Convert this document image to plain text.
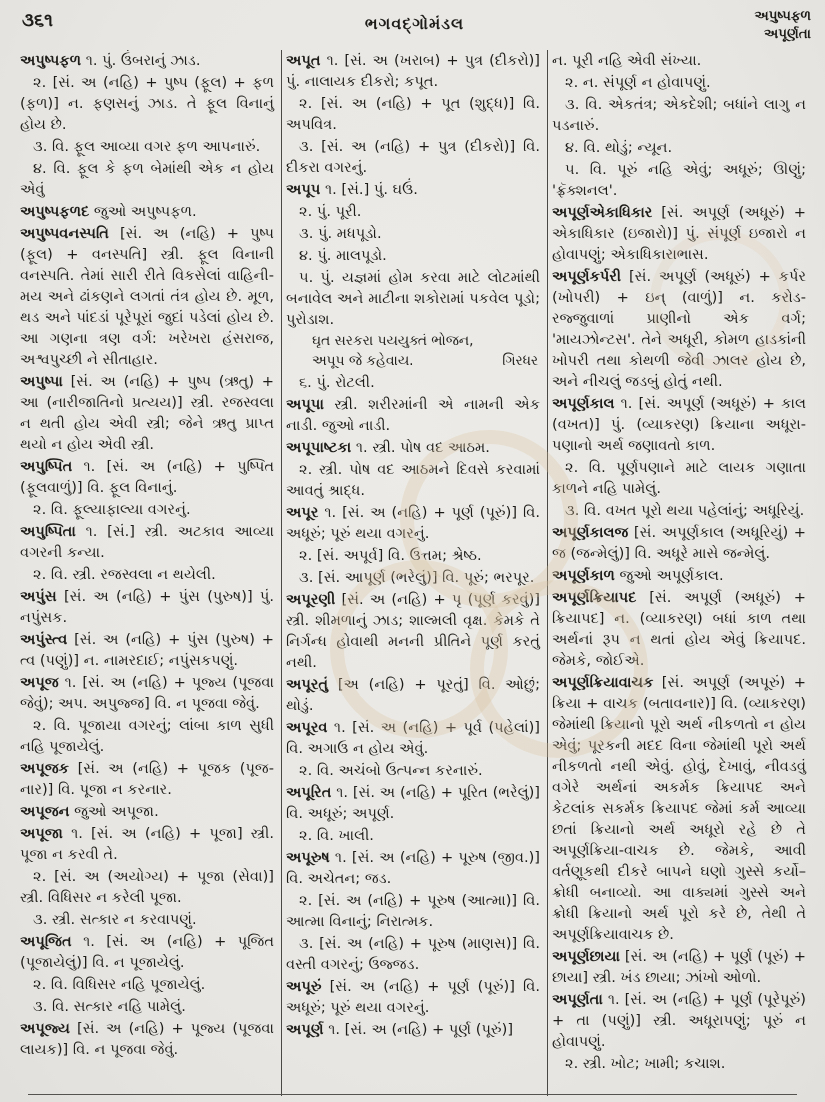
૩૬૧	ભગવદ્ગોમંડલ	અપુષ્પફળ
અપૂર્ણતા

અપુષ્પફળ ૧. પું. ઉંબરાનું ઝાડ.

૨. [સં. અ (નહિ) + પુષ્પ (ફૂલ) + ફળ (ફળ)] ન. ફણસનું ઝાડ. તે ફૂલ વિનાનું હોય છે.

૩. વિ. ફૂલ આવ્યા વગર ફળ આપનારું.

૪. વિ. ફૂલ કે ફળ બેમાંથી એક ન હોય એવું

અપુષ્પફળદ જુઓ અપુષ્પફળ.

અપુષ્પવનસ્પતિ [સં. અ (નહિ) + પુષ્પ (ફૂલ) + વનસ્પતિ] સ્ત્રી. ફૂલ વિનાની વનસ્પતિ. તેમાં સારી રીતે વિકસેલાં વાહિની-મય અને ઢાંકણને લગતાં તંત્ર હોય છે. મૂળ, થડ અને પાંદડાં પૂરેપૂરાં જુદાં પડેલાં હોય છે. આ ગણના ત્રણ વર્ગ: ખરેખરા હંસરાજ, અશ્વપુચ્છી ને સીતાહાર.

અપુષ્પા [સં. અ (નહિ) + પુષ્પ (ઋતુ) + આ (નારીજાતિનો પ્રત્યય)] સ્ત્રી. રજસ્વલા ન થતી હોય એવી સ્ત્રી; જેને ઋતુ પ્રાપ્ત થયો ન હોય એવી સ્ત્રી.

અપુષ્પિત ૧. [સં. અ (નહિ) + પુષ્પિત (ફૂલવાળું)] વિ. ફૂલ વિનાનું.

૨. વિ. ફૂલ્યાફાલ્યા વગરનું.

અપુષ્પિતા ૧. [સં.] સ્ત્રી. અટકાવ આવ્યા વગરની કન્યા.

૨. વિ. સ્ત્રી. રજસ્વલા ન થયેલી.

અપુંસ [સં. અ (નહિ) + પુંસ (પુરુષ)] પું. નપુંસક.

અપુંસ્ત્વ [સં. અ (નહિ) + પુંસ (પુરુષ) + ત્વ (પણું)] ન. નામરદાઈ; નપુંસકપણું.

અપૂજ ૧. [સં. અ (નહિ) + પૂજ્ય (પૂજવા જેવું); અપ. અપુજ્જ] વિ. ન પૂજવા જેવું.

૨. વિ. પૂજાયા વગરનું; લાંબા કાળ સુધી નહિ પૂજાયેલું.

અપૂજક [સં. અ (નહિ) + પૂજક (પૂજ-નાર)] વિ. પૂજા ન કરનાર.

અપૂજન જુઓ અપૂજા.

અપૂજા ૧. [સં. અ (નહિ) + પૂજા] સ્ત્રી. પૂજા ન કરવી તે.

૨. [સં. અ (અયોગ્ય) + પૂજા (સેવા)] સ્ત્રી. વિધિસર ન કરેલી પૂજા.

૩. સ્ત્રી. સત્કાર ન કરવાપણું.

અપૂજિત ૧. [સં. અ (નહિ) + પૂજિત (પૂજાયેલું)] વિ. ન પૂજાયેલું.

૨. વિ. વિધિસર નહિ પૂજાયેલું.

૩. વિ. સત્કાર નહિ પામેલું.

અપૂજ્ય [સં. અ (નહિ) + પૂજ્ય (પૂજવા લાયક)] વિ. ન પૂજવા જેવું.

અપૂત ૧. [સં. અ (ખરાબ) + પુત્ર (દીકરો)] પું. નાલાયક દીકરો; કપૂત.

૨. [સં. અ (નહિ) + પૂત (શુદ્ધ)] વિ. અપવિત્ર.

૩. [સં. અ (નહિ) + પુત્ર (દીકરો)] વિ. દીકરા વગરનું.

અપૂપ ૧. [સં.] પું. ઘઉં.

૨. પું. પૂરી.

૩. પું. મધપૂડો.

૪. પું. માલપૂડો.

૫. પું. યજ્ઞમાં હોમ કરવા માટે લોટમાંથી બનાવેલ અને માટીના શકોરામાં પકવેલ પૂડો; પુરોડાશ.

ઘૃત સરકરા પયયુક્તં ભોજન,
ગિરધર
અપૂપ જે કહેવાય.

૬. પું. રોટલી.

અપૂપા સ્ત્રી. શરીરમાંની એ નામની એક નાડી. જુઓ નાડી.

અપૂપાષ્ટકા ૧. સ્ત્રી. પોષ વદ આઠમ.

૨. સ્ત્રી. પોષ વદ આઠમને દિવસે કરવામાં આવતું શ્રાદ્ધ.

અપૂર ૧. [સં. અ (નહિ) + પૂર્ણ (પૂરું)] વિ. અધૂરું; પૂરું થયા વગરનું.

૨. [સં. અપૂર્વ] વિ. ઉત્તમ; શ્રેષ્ઠ.

૩. [સં. આપૂર્ણ (ભરેલું)] વિ. પૂરું; ભરપૂર.

અપૂરણી [સં. અ (નહિ) + પૃ (પૂર્ણ કરવું)] સ્ત્રી. શીમળાનું ઝાડ; શાલ્મલી વૃક્ષ. કેમકે તે નિર્ગન્ધ હોવાથી મનની પ્રીતિને પૂર્ણ કરતું નથી.

અપૂરતું [અ (નહિ) + પૂરતું] વિ. ઓછું; થોડું.

અપૂરવ ૧. [સં. અ (નહિ) + પૂર્વ (પહેલાં)] વિ. અગાઉ ન હોય એવું.

૨. વિ. અચંબો ઉત્પન્ન કરનારું.

અપૂરિત ૧. [સં. અ (નહિ) + પૂરિત (ભરેલું)] વિ. અધૂરું; અપૂર્ણ.

૨. વિ. ખાલી.

અપૂરુષ ૧. [સં. અ (નહિ) + પૂરુષ (જીવ.)] વિ. અચેતન; જડ.

૨. [સં. અ (નહિ) + પૂરુષ (આત્મા)] વિ. આત્મા વિનાનું; નિરાત્મક.

૩. [સં. અ (નહિ) + પૂરુષ (માણસ)] વિ. વસ્તી વગરનું; ઉજ્જડ.

અપૂરું [સં. અ (નહિ) + પૂર્ણ (પૂરું)] વિ. અધૂરું; પૂરું થયા વગરનું.

અપૂર્ણ ૧. [સં. અ (નહિ) + પૂર્ણ (પૂરું)]

ન. પૂરી નહિ એવી સંખ્યા.

૨. ન. સંપૂર્ણ ન હોવાપણું.

૩. વિ. એકતંત્ર; એકદેશી; બધાંને લાગુ ન પડનારું.

૪. વિ. થોડું; ન્યૂન.

૫. વિ. પૂરું નહિ એવું; અધૂરું; ઊણું; 'ફ્રૅક્શનલ'.

અપૂર્ણએકાધિકાર [સં. અપૂર્ણ (અધૂરું) + એકાધિકાર (ઇજારો)] પું. સંપૂર્ણ ઇજારો ન હોવાપણું; એકાધિકારાભાસ.

અપૂર્ણકર્પરી [સં. અપૂર્ણ (અધૂરું) + કર્પર (ખોપરી) + ઇન્ (વાળું)] ન. કરોડ-રજ્જુવાળાં પ્રાણીનો એક વર્ગ; 'માયઝોન્ટસ'. તેને અધૂરી, કોમળ હાડકાંની ખોપરી તથા કોથળી જેવી ઝાલર હોય છે, અને નીચલું જડબું હોતું નથી.

અપૂર્ણકાલ ૧. [સં. અપૂર્ણ (અધૂરું) + કાલ (વખત)] પું. (વ્યાકરણ) ક્રિયાના અધૂરા-પણાનો અર્થ જણાવતો કાળ.

૨. વિ. પૂર્ણપણાને માટે લાયક ગણાતા કાળને નહિ પામેલું.

૩. વિ. વખત પૂરો થયા પહેલાંનું; અધૂરિયું.

અપૂર્ણકાલજ [સં. અપૂર્ણકાલ (અધૂરિયું) + જ (જન્મેલું)] વિ. અધૂરે માસે જન્મેલું.

અપૂર્ણકાળ જુઓ અપૂર્ણકાલ.

અપૂર્ણક્રિયાપદ [સં. અપૂર્ણ (અધૂરું) + ક્રિયાપદ] ન. (વ્યાકરણ) બધાં કાળ તથા અર્થનાં રૂપ ન થતાં હોય એવું ક્રિયાપદ. જેમકે, જોઈએ.

અપૂર્ણક્રિયાવાચક [સં. અપૂર્ણ (અપૂરું) + ક્રિયા + વાચક (બતાવનાર)] વિ. (વ્યાકરણ) જેમાંથી ક્રિયાનો પૂરો અર્થ નીકળતો ન હોય એવું; પૂરકની મદદ વિના જેમાંથી પૂરો અર્થ નીકળતો નથી એવું. હોવું, દેખાવું, નીવડવું વગેરે અર્થનાં અકર્મક ક્રિયાપદ અને કેટલાંક સકર્મક ક્રિયાપદ જેમાં કર્મ આવ્યા છતાં ક્રિયાનો અર્થ અધૂરો રહે છે તે અપૂર્ણક્રિયા-વાચક છે. જેમકે, આવી વર્તણૂકથી દીકરે બાપને ઘણો ગુસ્સે કર્યો–ક્રોધી બનાવ્યો. આ વાક્યમાં ગુસ્સે અને ક્રોધી ક્રિયાનો અર્થ પૂરો કરે છે, તેથી તે અપૂર્ણક્રિયાવાચક છે.

અપૂર્ણછાયા [સં. અ (નહિ) + પૂર્ણ (પૂરું) + છાયા] સ્ત્રી. ખંડ છાયા; ઝાંખો ઓળો.

અપૂર્ણતા ૧. [સં. અ (નહિ) + પૂર્ણ (પૂરેપૂરું) + તા (પણું)] સ્ત્રી. અધૂરાપણું; પૂરું ન હોવાપણું.

૨. સ્ત્રી. ખોટ; ખામી; કચાશ.
